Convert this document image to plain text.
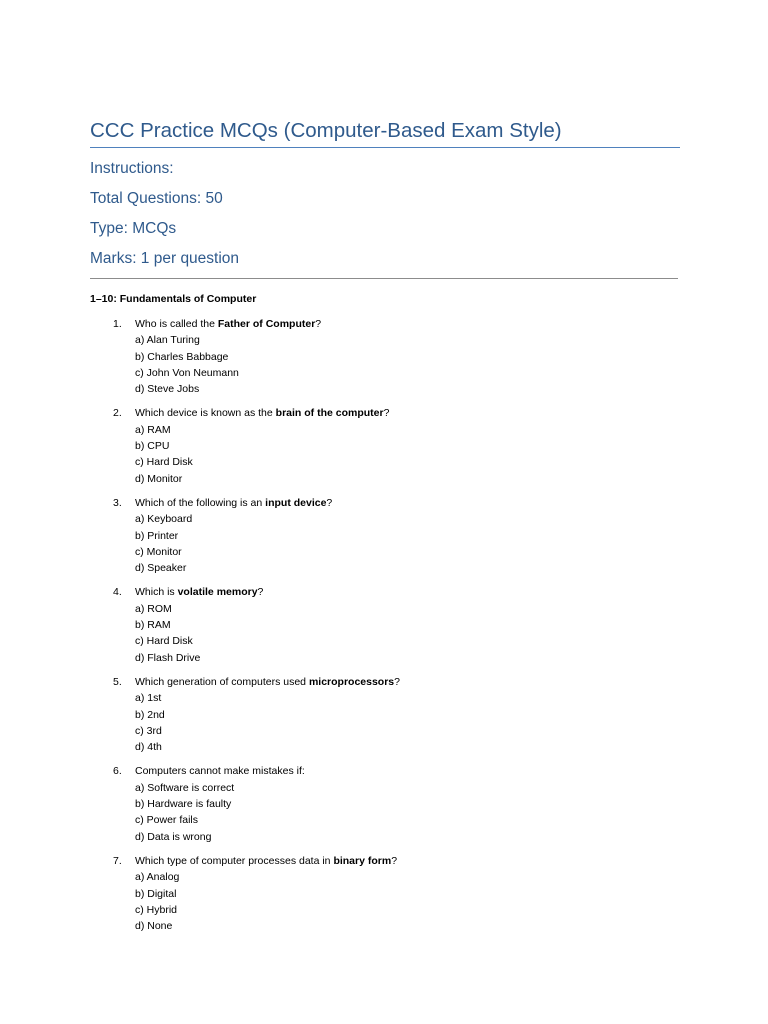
CCC Practice MCQs (Computer-Based Exam Style)
Instructions:
Total Questions: 50
Type: MCQs
Marks: 1 per question
1–10: Fundamentals of Computer
1. Who is called the Father of Computer?
a) Alan Turing
b) Charles Babbage
c) John Von Neumann
d) Steve Jobs
2. Which device is known as the brain of the computer?
a) RAM
b) CPU
c) Hard Disk
d) Monitor
3. Which of the following is an input device?
a) Keyboard
b) Printer
c) Monitor
d) Speaker
4. Which is volatile memory?
a) ROM
b) RAM
c) Hard Disk
d) Flash Drive
5. Which generation of computers used microprocessors?
a) 1st
b) 2nd
c) 3rd
d) 4th
6. Computers cannot make mistakes if:
a) Software is correct
b) Hardware is faulty
c) Power fails
d) Data is wrong
7. Which type of computer processes data in binary form?
a) Analog
b) Digital
c) Hybrid
d) None
